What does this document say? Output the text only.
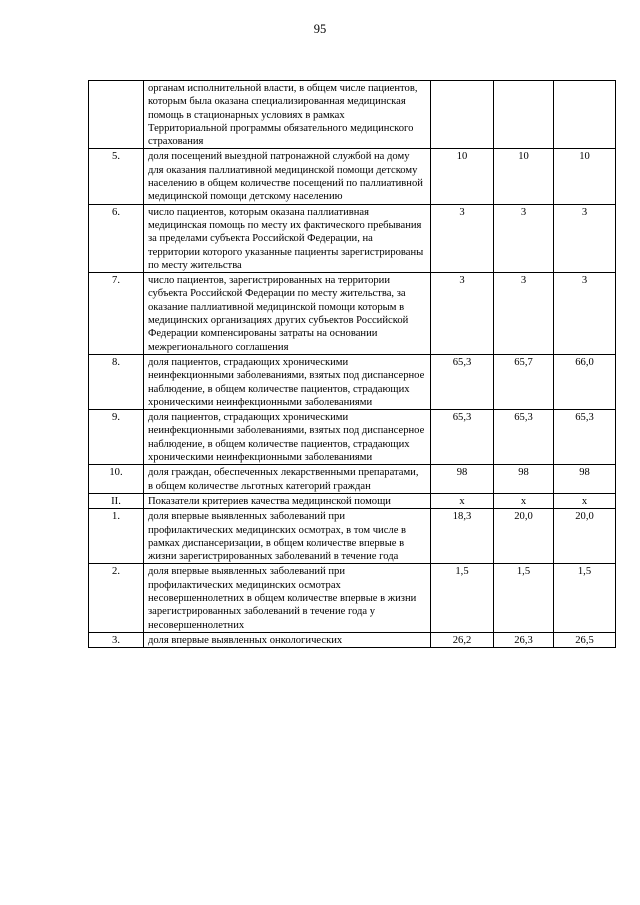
95
	органам исполнительной власти, в общем числе пациентов, которым была оказана специализированная медицинская помощь в стационарных условиях в рамках Территориальной программы обязательного медицинского страхования			
5.	доля посещений выездной патронажной службой на дому для оказания паллиативной медицинской помощи детскому населению в общем количестве посещений по паллиативной медицинской помощи детскому населению	10	10	10
6.	число пациентов, которым оказана паллиативная медицинская помощь по месту их фактического пребывания за пределами субъекта Российской Федерации, на территории которого указанные пациенты зарегистрированы по месту жительства	3	3	3
7.	число пациентов, зарегистрированных на территории субъекта Российской Федерации по месту жительства, за оказание паллиативной медицинской помощи которым в медицинских организациях других субъектов Российской Федерации компенсированы затраты на основании межрегионального соглашения	3	3	3
8.	доля пациентов, страдающих хроническими неинфекционными заболеваниями, взятых под диспансерное наблюдение, в общем количестве пациентов, страдающих хроническими неинфекционными заболеваниями	65,3	65,7	66,0
9.	доля пациентов, страдающих хроническими неинфекционными заболеваниями, взятых под диспансерное наблюдение, в общем количестве пациентов, страдающих хроническими неинфекционными заболеваниями	65,3	65,3	65,3
10.	доля граждан, обеспеченных лекарственными препаратами, в общем количестве льготных категорий граждан	98	98	98
II.	Показатели критериев качества медицинской помощи	х	х	х
1.	доля впервые выявленных заболеваний при профилактических медицинских осмотрах, в том числе в рамках диспансеризации, в общем количестве впервые в жизни зарегистрированных заболеваний в течение года	18,3	20,0	20,0
2.	доля впервые выявленных заболеваний при профилактических медицинских осмотрах несовершеннолетних в общем количестве впервые в жизни зарегистрированных заболеваний в течение года у несовершеннолетних	1,5	1,5	1,5
3.	доля впервые выявленных онкологических	26,2	26,3	26,5
